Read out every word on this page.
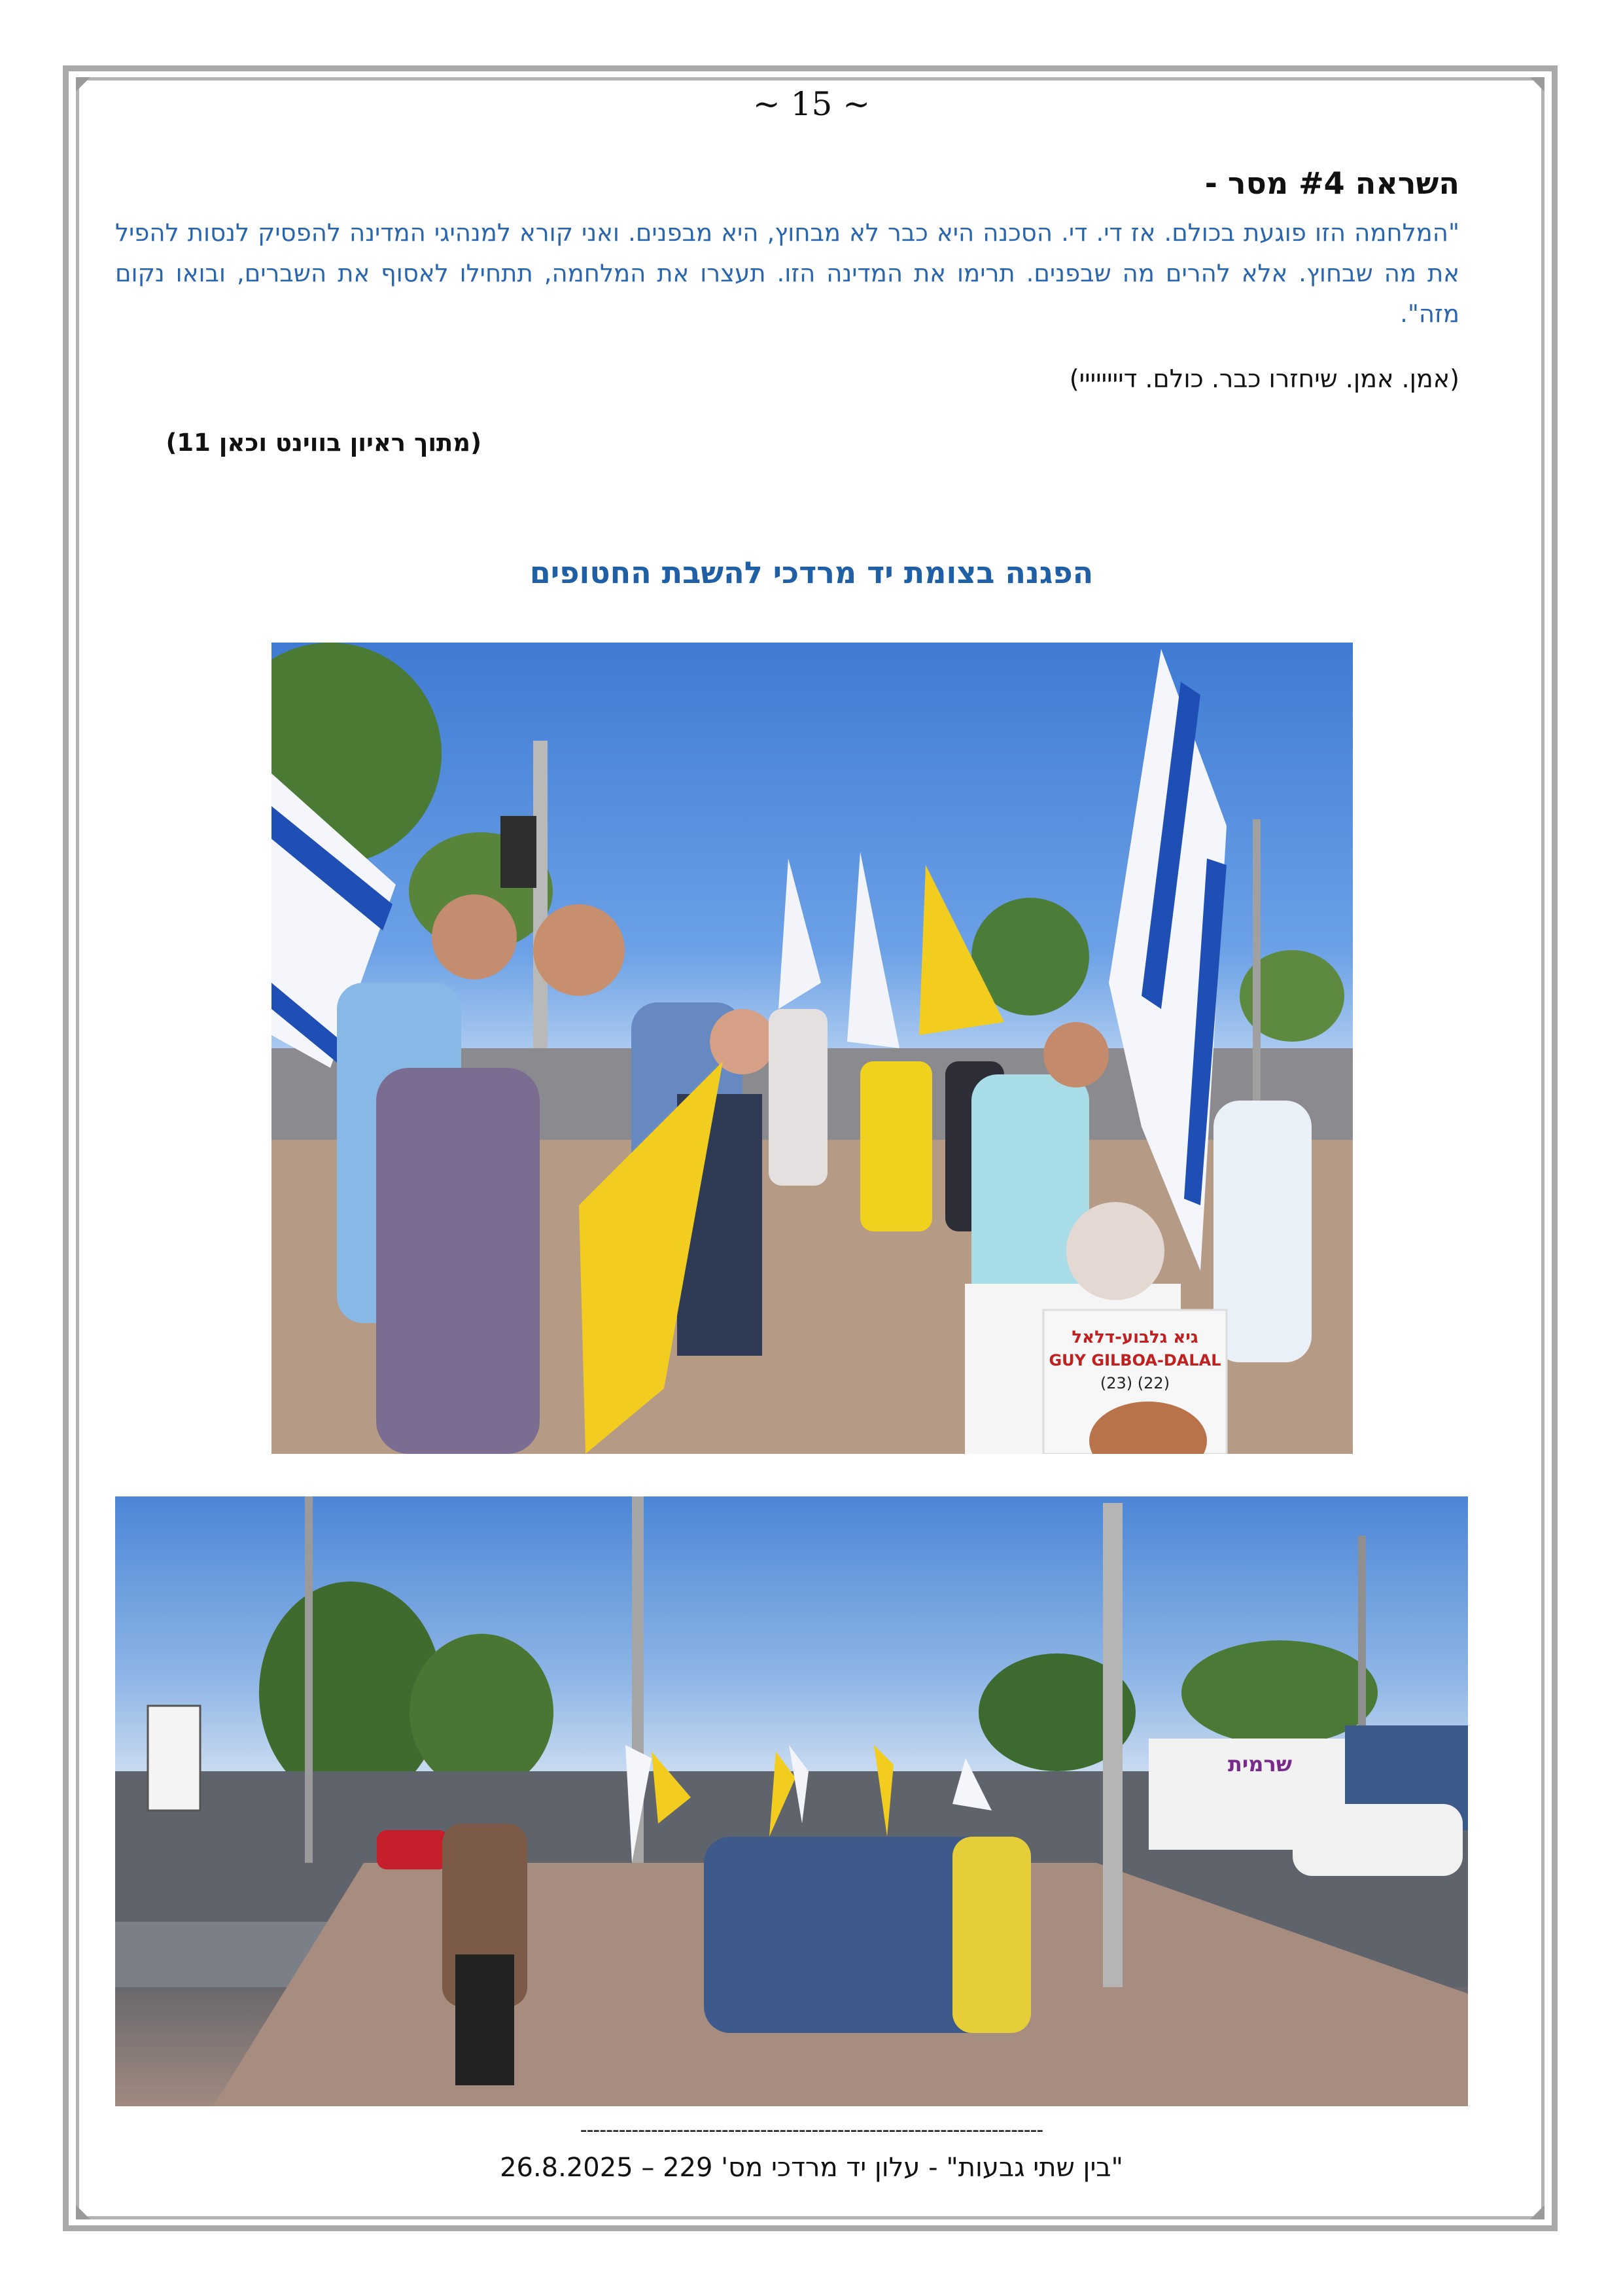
~ 15 ~
השראה #4 מסר -
"המלחמה הזו פוגעת בכולם. אז די. די. הסכנה היא כבר לא מבחוץ, היא מבפנים. ואני קורא למנהיגי המדינה להפסיק לנסות להפיל את מה שבחוץ. אלא להרים מה שבפנים. תרימו את המדינה הזו. תעצרו את המלחמה, תתחילו לאסוף את השברים, ובואו נקום מזה".
(אמן. אמן. שיחזרו כבר. כולם. דיייייייי)
(מתוך ראיון בווינט וכאן 11)
הפגנה בצומת יד מרדכי להשבת החטופים
גיא גלבוע-דלאל
GUY GILBOA-DALAL
(23) (22)
שרמית
------------------------------------------------------------------------
"בין שתי גבעות" - עלון יד מרדכי מס' 229 – 26.8.2025
